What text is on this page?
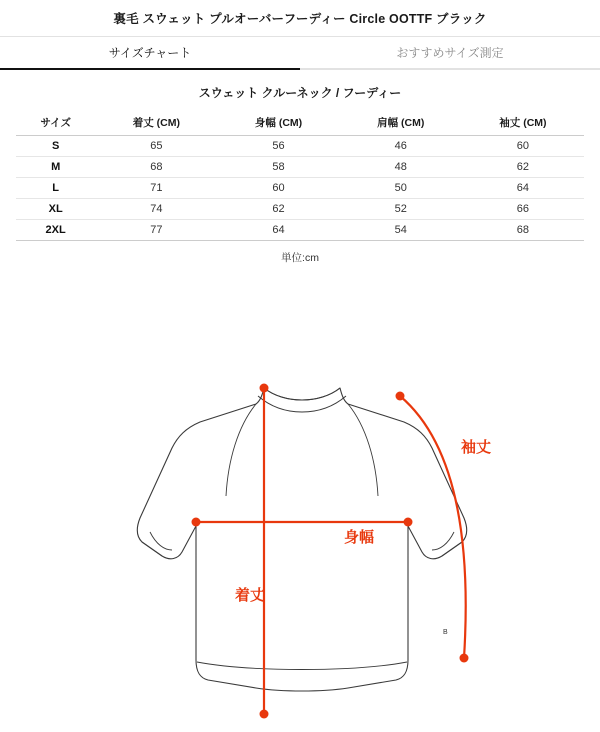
裏毛 スウェット プルオーバーフーディー Circle OOTTF ブラック
サイズチャート	おすすめサイズ測定
スウェット クルーネック / フーディー
サイズ	着丈 (CM)	身幅 (CM)	肩幅 (CM)	袖丈 (CM)
S	65	56	46	60
M	68	58	48	62
L	71	60	50	64
XL	74	62	52	66
2XL	77	64	54	68
単位:cm
B
着丈
身幅
袖丈
